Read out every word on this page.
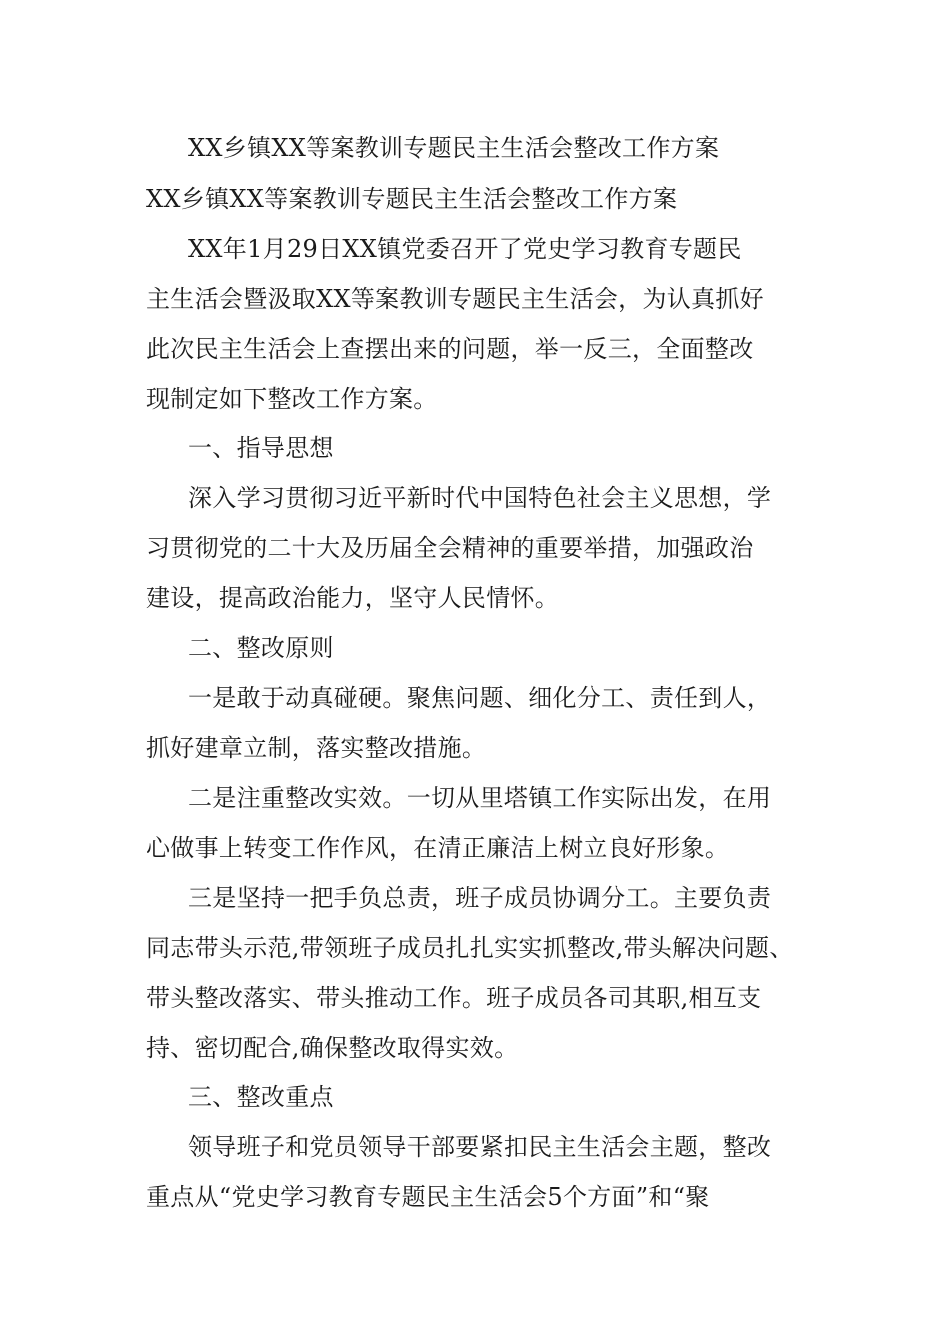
XX乡镇XX等案教训专题民主生活会整改工作方案
XX乡镇XX等案教训专题民主生活会整改工作方案
XX年1月29日XX镇党委召开了党史学习教育专题民
主生活会暨汲取XX等案教训专题民主生活会，为认真抓好
此次民主生活会上查摆出来的问题，举一反三，全面整改
现制定如下整改工作方案。
一、指导思想
深入学习贯彻习近平新时代中国特色社会主义思想，学
习贯彻党的二十大及历届全会精神的重要举措，加强政治
建设，提高政治能力，坚守人民情怀。
二、整改原则
一是敢于动真碰硬。聚焦问题、细化分工、责任到人，
抓好建章立制，落实整改措施。
二是注重整改实效。一切从里塔镇工作实际出发，在用
心做事上转变工作作风，在清正廉洁上树立良好形象。
三是坚持一把手负总责，班子成员协调分工。主要负责
同志带头示范,带领班子成员扎扎实实抓整改,带头解决问题、
带头整改落实、带头推动工作。班子成员各司其职,相互支
持、密切配合,确保整改取得实效。
三、整改重点
领导班子和党员领导干部要紧扣民主生活会主题，整改
重点从“党史学习教育专题民主生活会5个方面”和“聚
